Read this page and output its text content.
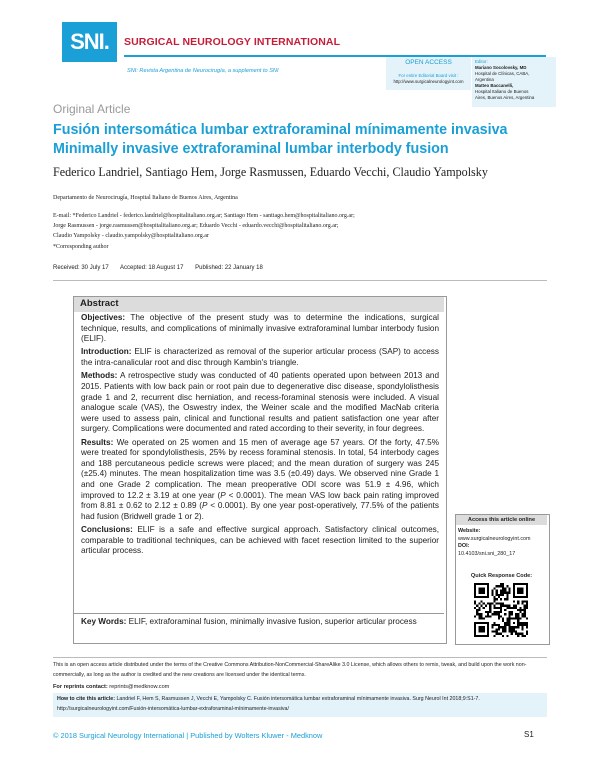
SNI.	SURGICAL NEUROLOGY INTERNATIONAL
SNI: Revista Argentina de Neurocirugía, a supplement to SNI
OPEN ACCESS
For entire Editorial Board visit :
http://www.surgicalneurologyint.com
Editor:
Mariano Socolovsky, MD
Hospital de Clínicas, CABA,
Argentina
Matteo Baccanelli,
Hospital Italiano de Buenos
Aires, Buenos Aires, Argentina
Original Article
Fusión intersomática lumbar extraforaminal mínimamente invasiva
Minimally invasive extraforaminal lumbar interbody fusion
Federico Landriel, Santiago Hem, Jorge Rasmussen, Eduardo Vecchi, Claudio Yampolsky
Departamento de Neurocirugía, Hospital Italiano de Buenos Aires, Argentina
E-mail: *Federico Landriel - federico.landriel@hospitalitaliano.org.ar; Santiago Hem - santiago.hem@hospitalitaliano.org.ar;
Jorge Rasmussen - jorge.rasmussen@hospitalitaliano.org.ar; Eduardo Vecchi - eduardo.vecchi@hospitalitaliano.org.ar;
Claudio Yampolsky - claudio.yampolsky@hospitalitaliano.org.ar
*Corresponding author
Received: 30 July 17 Accepted: 18 August 17 Published: 22 January 18
Abstract

Objectives: The objective of the present study was to determine the indications, surgical technique, results, and complications of minimally invasive extraforaminal lumbar interbody fusion (ELIF).

Introduction: ELIF is characterized as removal of the superior articular process (SAP) to access the intra-canalicular root and disc through Kambin's triangle.

Methods: A retrospective study was conducted of 40 patients operated upon between 2013 and 2015. Patients with low back pain or root pain due to degenerative disc disease, spondylolisthesis grade 1 and 2, recurrent disc herniation, and recess-foraminal stenosis were included. A visual analogue scale (VAS), the Oswestry index, the Weiner scale and the modified MacNab criteria were used to assess pain, clinical and functional results and patient satisfaction one year after surgery. Complications were documented and rated according to their severity, in four degrees.

Results: We operated on 25 women and 15 men of average age 57 years. Of the forty, 47.5% were treated for spondylolisthesis, 25% by recess foraminal stenosis. In total, 54 interbody cages and 188 percutaneous pedicle screws were placed; and the mean duration of surgery was 245 (±25.4) minutes. The mean hospitalization time was 3.5 (±0.49) days. We observed nine Grade 1 and one Grade 2 complication. The mean preoperative ODI score was 51.9 ± 4.96, which improved to 12.2 ± 3.19 at one year (P < 0.0001). The mean VAS low back pain rating improved from 8.81 ± 0.62 to 2.12 ± 0.89 (P < 0.0001). By one year post-operatively, 77.5% of the patients had fusion (Bridwell grade 1 or 2).

Conclusions: ELIF is a safe and effective surgical approach. Satisfactory clinical outcomes, comparable to traditional techniques, can be achieved with facet resection limited to the superior articular process.

Key Words: ELIF, extraforaminal fusion, minimally invasive fusion, superior articular process
Access this article online
Website:
www.surgicalneurologyint.com
DOI:
10.4103/sni.sni_280_17
Quick Response Code:
This is an open access article distributed under the terms of the Creative Commons Attribution-NonCommercial-ShareAlike 3.0 License, which allows others to remix, tweak, and build upon the work non-commercially, as long as the author is credited and the new creations are licensed under the identical terms.
For reprints contact: reprints@medknow.com
How to cite this article: Landriel F, Hem S, Rasmussen J, Vecchi E, Yampolsky C. Fusión intersomática lumbar extraforaminal mínimamente invasiva. Surg Neurol Int 2018;9:S1-7.
http://surgicalneurologyint.com/Fusión-intersomática-lumbar-extraforaminal-mínimamente-invasiva/
© 2018 Surgical Neurology International | Published by Wolters Kluwer - Medknow	S1
